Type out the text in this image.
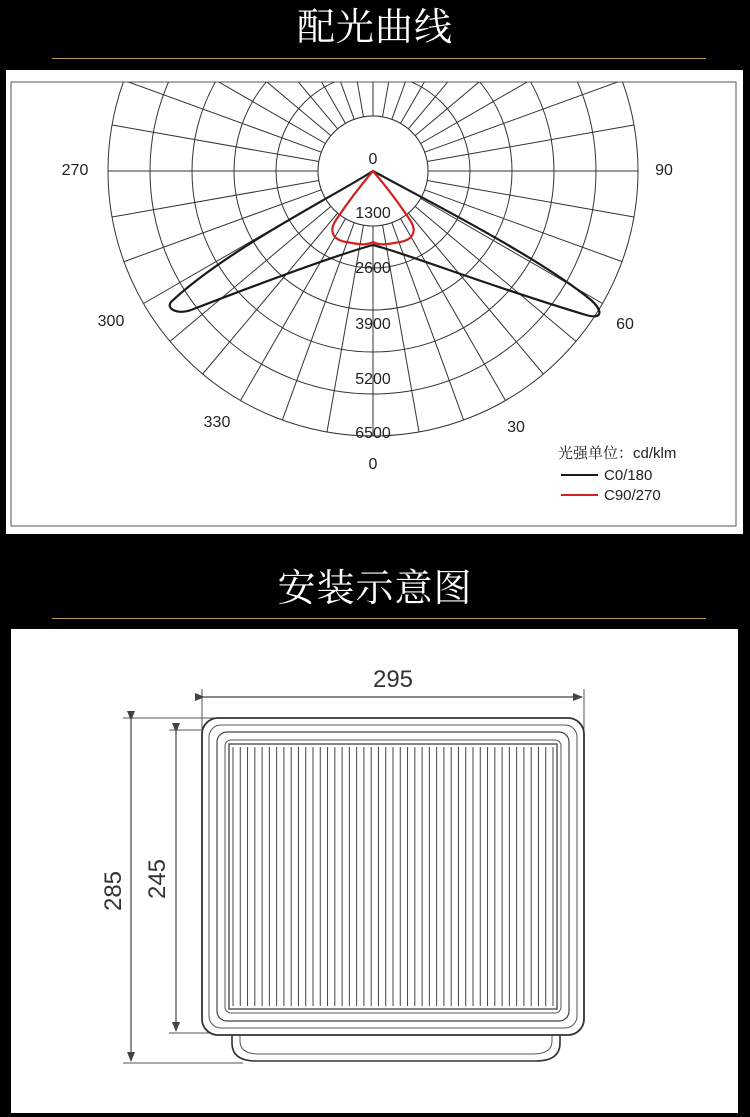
配光曲线
270	90
300	60
330	30
0
0
1300
2600
3900
5200
6500
光强单位：cd/klm
C0/180
C90/270
安装示意图
295
285 245
